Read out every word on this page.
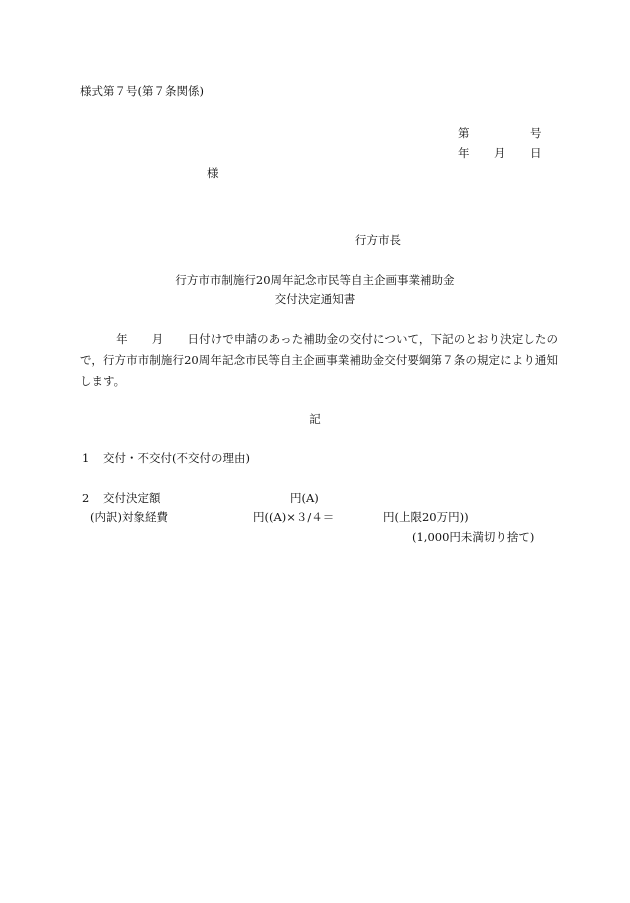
様式第７号(第７条関係)
第	号
年 月 日
様
行方市長
行方市市制施行20周年記念市民等自主企画事業補助金
交付決定通知書
年 月 日付けで申請のあった補助金の交付について，下記のとおり決定したので，行方市市制施行20周年記念市民等自主企画事業補助金交付要綱第７条の規定により通知します。
記
1 交付・不交付(不交付の理由)
2 交付決定額	円(A)
(内訳)対象経費	円((A)×３/４＝	円(上限20万円))
(1,000円未満切り捨て)
